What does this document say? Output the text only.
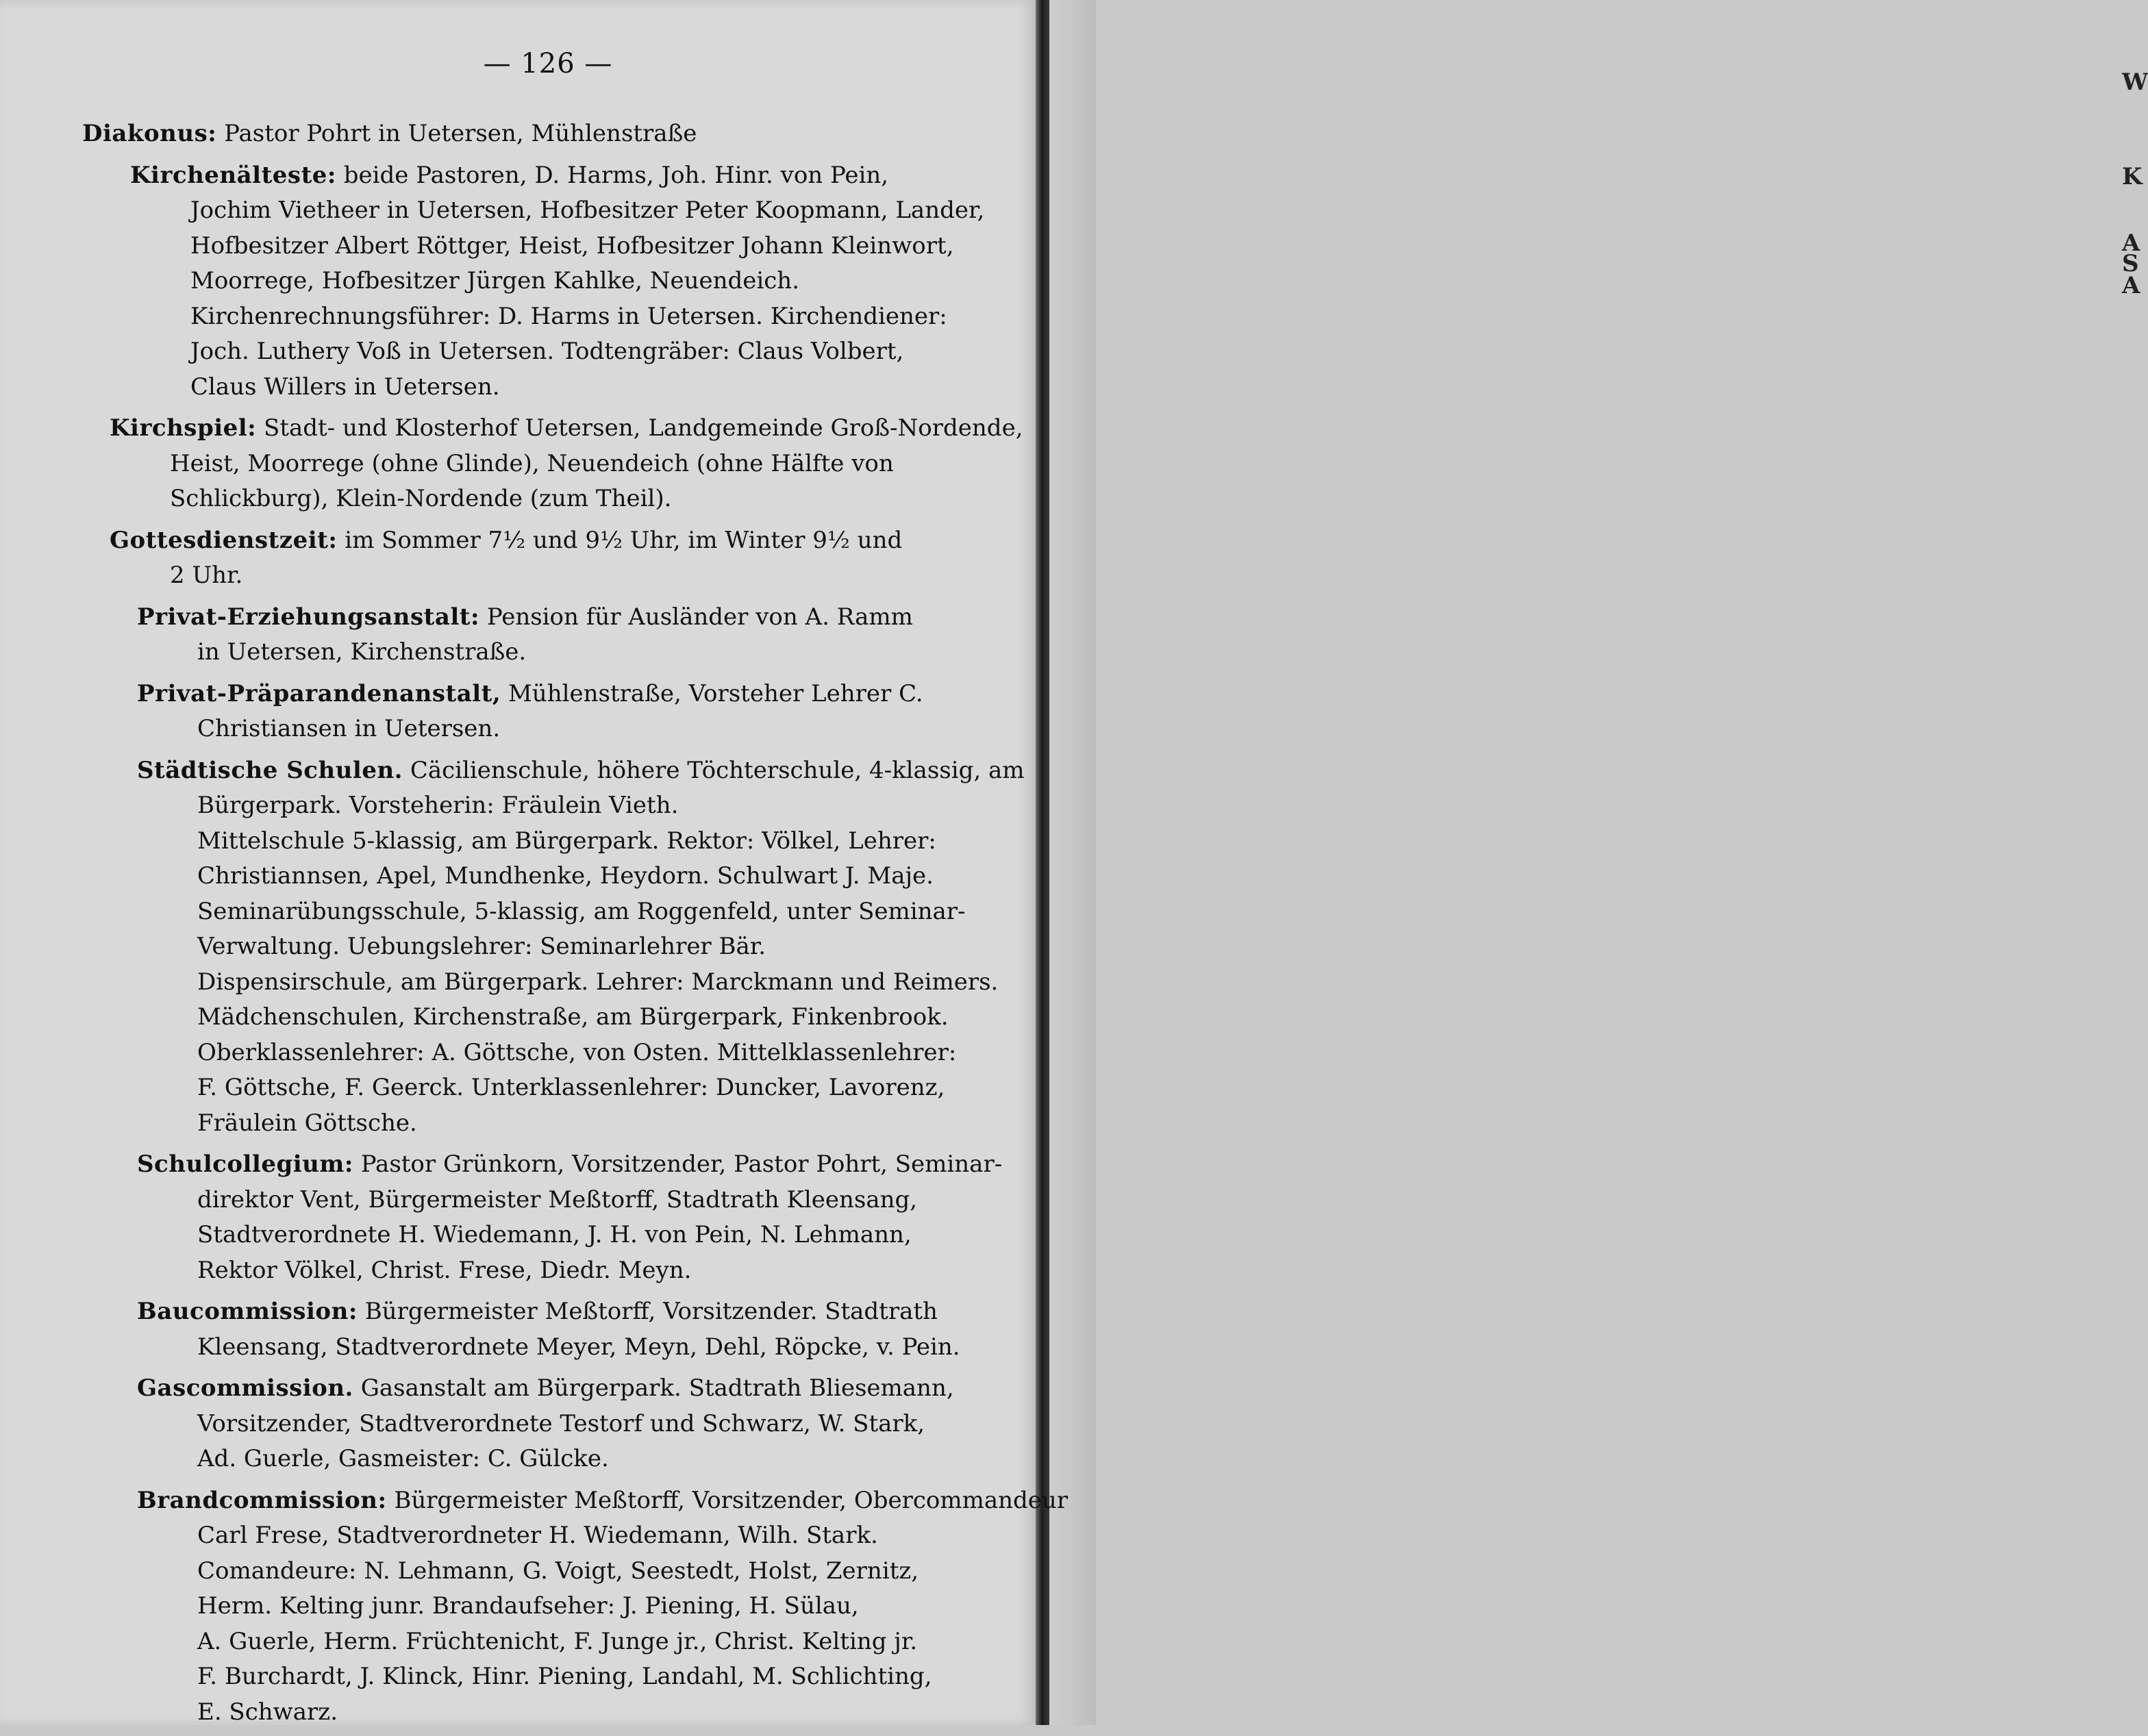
W
K
A
S
A
— 126 —
Diakonus: Pastor Pohrt in Uetersen, Mühlenstraße
Kirchenälteste: beide Pastoren, D. Harms, Joh. Hinr. von Pein,
Jochim Vietheer in Uetersen, Hofbesitzer Peter Koopmann, Lander,
Hofbesitzer Albert Röttger, Heist, Hofbesitzer Johann Kleinwort,
Moorrege, Hofbesitzer Jürgen Kahlke, Neuendeich.
Kirchenrechnungsführer: D. Harms in Uetersen. Kirchendiener:
Joch. Luthery Voß in Uetersen. Todtengräber: Claus Volbert,
Claus Willers in Uetersen.
Kirchspiel: Stadt- und Klosterhof Uetersen, Landgemeinde Groß-Nordende,
Heist, Moorrege (ohne Glinde), Neuendeich (ohne Hälfte von
Schlickburg), Klein-Nordende (zum Theil).
Gottesdienstzeit: im Sommer 7½ und 9½ Uhr, im Winter 9½ und
2 Uhr.
Privat-Erziehungsanstalt: Pension für Ausländer von A. Ramm
in Uetersen, Kirchenstraße.
Privat-Präparandenanstalt, Mühlenstraße, Vorsteher Lehrer C.
Christiansen in Uetersen.
Städtische Schulen. Cäcilienschule, höhere Töchterschule, 4-klassig, am
Bürgerpark. Vorsteherin: Fräulein Vieth.
Mittelschule 5-klassig, am Bürgerpark. Rektor: Völkel, Lehrer:
Christiannsen, Apel, Mundhenke, Heydorn. Schulwart J. Maje.
Seminarübungsschule, 5-klassig, am Roggenfeld, unter Seminar-
Verwaltung. Uebungslehrer: Seminarlehrer Bär.
Dispensirschule, am Bürgerpark. Lehrer: Marckmann und Reimers.
Mädchenschulen, Kirchenstraße, am Bürgerpark, Finkenbrook.
Oberklassenlehrer: A. Göttsche, von Osten. Mittelklassenlehrer:
F. Göttsche, F. Geerck. Unterklassenlehrer: Duncker, Lavorenz,
Fräulein Göttsche.
Schulcollegium: Pastor Grünkorn, Vorsitzender, Pastor Pohrt, Seminar-
direktor Vent, Bürgermeister Meßtorff, Stadtrath Kleensang,
Stadtverordnete H. Wiedemann, J. H. von Pein, N. Lehmann,
Rektor Völkel, Christ. Frese, Diedr. Meyn.
Baucommission: Bürgermeister Meßtorff, Vorsitzender. Stadtrath
Kleensang, Stadtverordnete Meyer, Meyn, Dehl, Röpcke, v. Pein.
Gascommission. Gasanstalt am Bürgerpark. Stadtrath Bliesemann,
Vorsitzender, Stadtverordnete Testorf und Schwarz, W. Stark,
Ad. Guerle, Gasmeister: C. Gülcke.
Brandcommission: Bürgermeister Meßtorff, Vorsitzender, Obercommandeur
Carl Frese, Stadtverordneter H. Wiedemann, Wilh. Stark.
Comandeure: N. Lehmann, G. Voigt, Seestedt, Holst, Zernitz,
Herm. Kelting junr. Brandaufseher: J. Piening, H. Sülau,
A. Guerle, Herm. Früchtenicht, F. Junge jr., Christ. Kelting jr.
F. Burchardt, J. Klinck, Hinr. Piening, Landahl, M. Schlichting,
E. Schwarz.
